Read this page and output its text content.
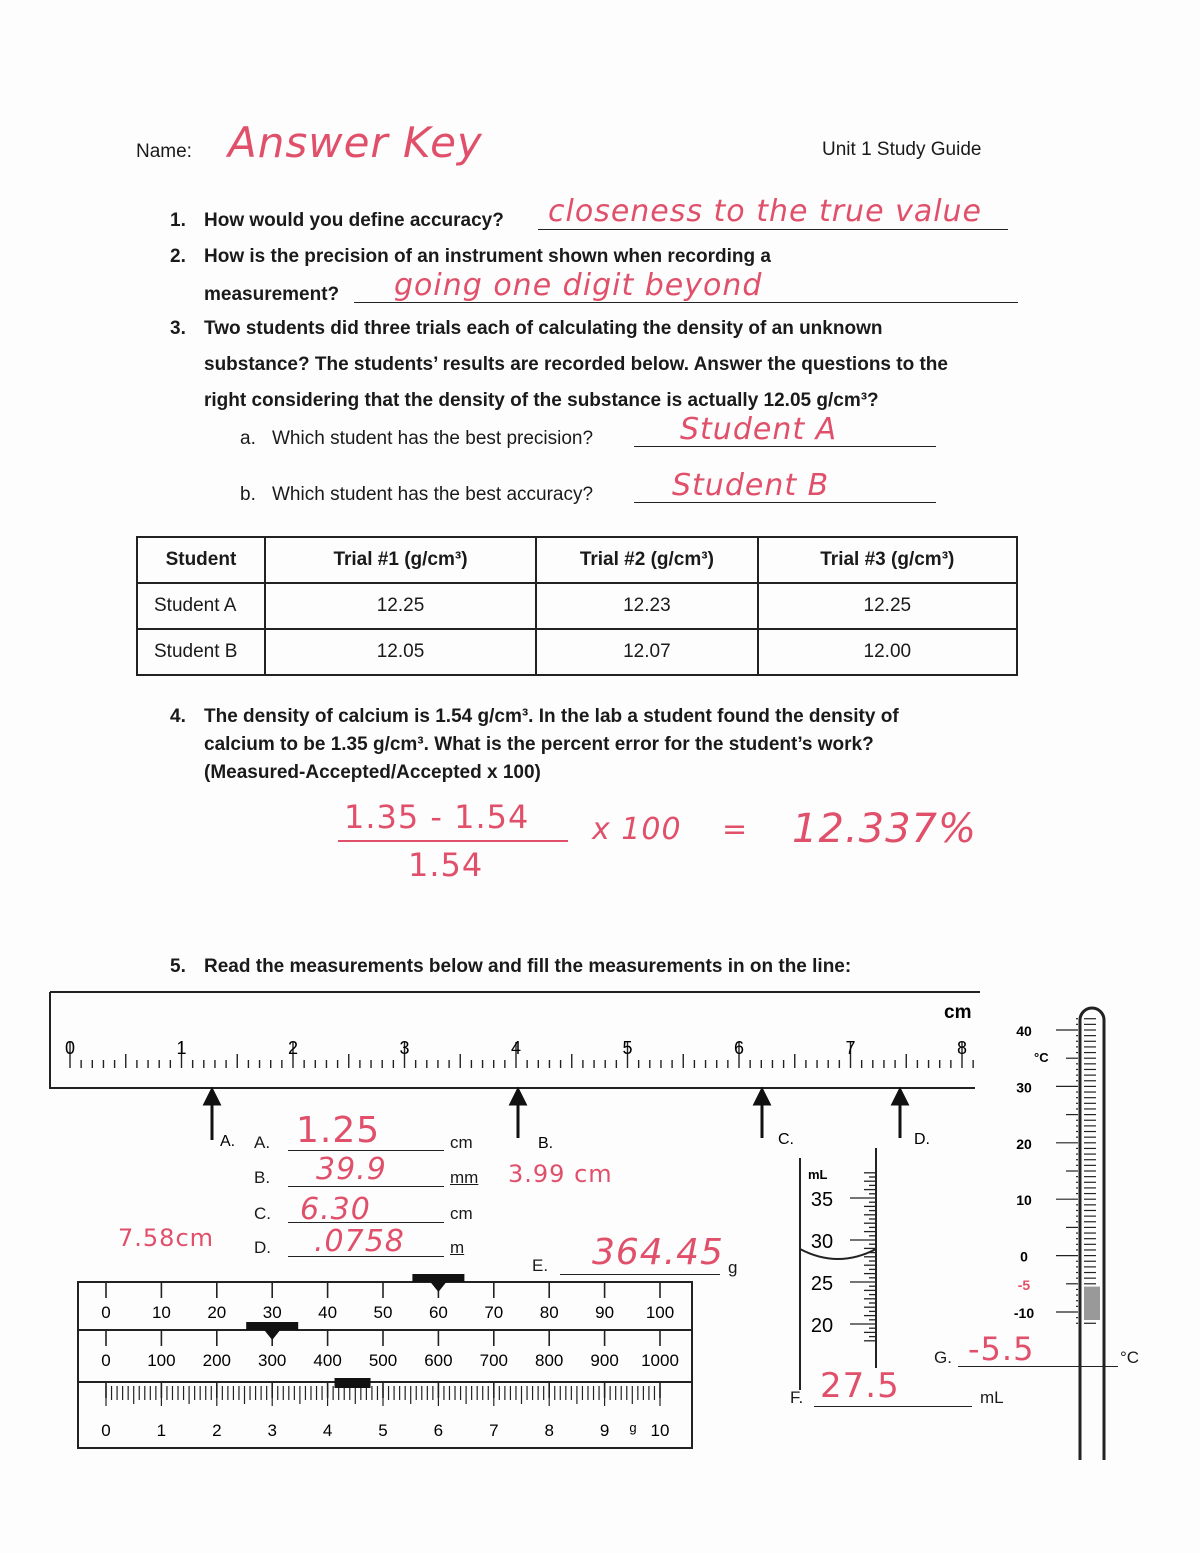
Name: Answer Key	Unit 1 Study Guide
1. How would you define accuracy? closeness to the true value
2. How is the precision of an instrument shown when recording a
measurement? going one digit beyond
3. Two students did three trials each of calculating the density of an unknown
substance? The students’ results are recorded below. Answer the questions to the
right considering that the density of the substance is actually 12.05 g/cm³?
a. Which student has the best precision?	Student A
b. Which student has the best accuracy?	Student B
Student	Trial #1 (g/cm³)	Trial #2 (g/cm³)	Trial #3 (g/cm³)
Student A	12.25	12.23	12.25
Student B	12.05	12.07	12.00
4. The density of calcium is 1.54 g/cm³. In the lab a student found the density of
calcium to be 1.35 g/cm³. What is the percent error for the student’s work?
(Measured-Accepted/Accepted x 100)
1.35 - 1.54
1.54
x 100 = 12.337%
5. Read the measurements below and fill the measurements in on the line:
0	1	2	3	4	5	6	7	8
cm
A.	B.	C.	D.
0 10 20 30 40 50 60 70 80 90 100
0 100 200 300 400 500 600 700 800 900 1000
0	1	2	3	4	5	6	7	8	9 10
g
mL
35
30
25
20
°C
40
30
20
10
0
-5
-10
A. 1.25	cm
B. 39.9	mm 3.99 cm
C. 6.30	cm
7.58cm D. .0758	m
E. 364.45 g
F. 27.5	mL
G. -5.5	°C
